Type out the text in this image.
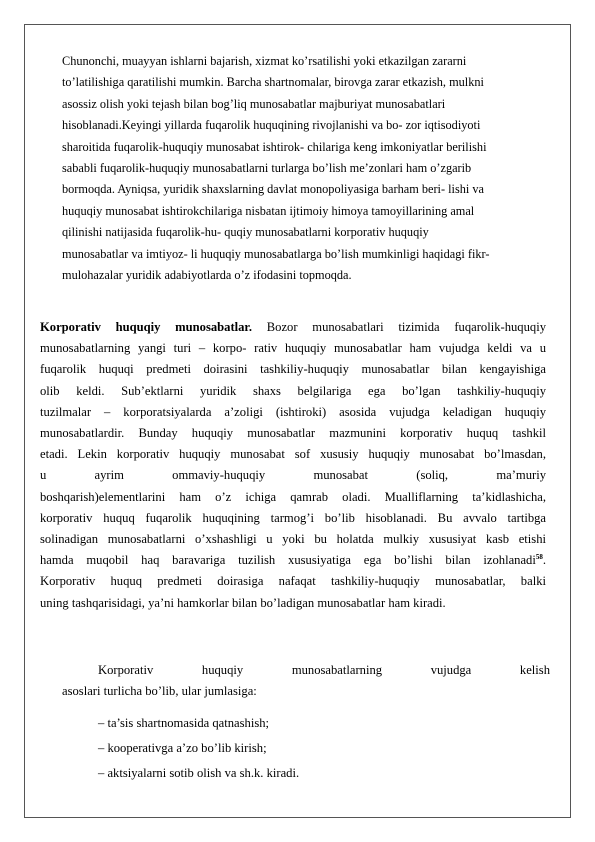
Chunonchi, muayyan ishlarni bajarish, xizmat ko’rsatilishi yoki etkazilgan zararni
to’latilishiga qaratilishi mumkin. Barcha shartnomalar, birovga zarar etkazish, mulkni
asossiz olish yoki tejash bilan bog’liq munosabatlar majburiyat munosabatlari
hisoblanadi.Keyingi yillarda fuqarolik huquqining rivojlanishi va bo- zor iqtisodiyoti
sharoitida fuqarolik-huquqiy munosabat ishtirok- chilariga keng imkoniyatlar berilishi
sababli fuqarolik-huquqiy munosabatlarni turlarga bo’lish me’zonlari ham o’zgarib
bormoqda. Ayniqsa, yuridik shaxslarning davlat monopoliyasiga barham beri- lishi va
huquqiy munosabat ishtirokchilariga nisbatan ijtimoiy himoya tamoyillarining amal
qilinishi natijasida fuqarolik-hu- quqiy munosabatlarni korporativ huquqiy
munosabatlar va imtiyoz- li huquqiy munosabatlarga bo’lish mumkinligi haqidagi fikr-
mulohazalar yuridik adabiyotlarda o’z ifodasini topmoqda.
Korporativ huquqiy munosabatlar. Bozor munosabatlari tizimida fuqarolik-huquqiy
munosabatlarning yangi turi – korpo- rativ huquqiy munosabatlar ham vujudga keldi va u
fuqarolik huquqi predmeti doirasini tashkiliy-huquqiy munosabatlar bilan kengayishiga
olib keldi. Sub’ektlarni yuridik shaxs belgilariga ega bo’lgan tashkiliy-huquqiy
tuzilmalar – korporatsiyalarda a’zoligi (ishtiroki) asosida vujudga keladigan huquqiy
munosabatlardir. Bunday huquqiy munosabatlar mazmunini korporativ huquq tashkil
etadi. Lekin korporativ huquqiy munosabat sof xususiy huquqiy munosabat bo’lmasdan,
u ayrim ommaviy-huquqiy munosabat (soliq, ma’muriy
boshqarish)elementlarini ham o’z ichiga qamrab oladi. Mualliflarning ta’kidlashicha,
korporativ huquq fuqarolik huquqining tarmog’i bo’lib hisoblanadi. Bu avvalo tartibga
solinadigan munosabatlarni o’xshashligi u yoki bu holatda mulkiy xususiyat kasb etishi
hamda muqobil haq baravariga tuzilish xususiyatiga ega bo’lishi bilan izohlanadi$^{58}$.
Korporativ huquq predmeti doirasiga nafaqat tashkiliy-huquqiy munosabatlar, balki
uning tashqarisidagi, ya’ni hamkorlar bilan bo’ladigan munosabatlar ham kiradi.
Korporativ huquqiy munosabatlarning vujudga kelish
asoslari turlicha bo’lib, ular jumlasiga:
– ta’sis shartnomasida qatnashish;
– kooperativga a’zo bo’lib kirish;
– aktsiyalarni sotib olish va sh.k. kiradi.
